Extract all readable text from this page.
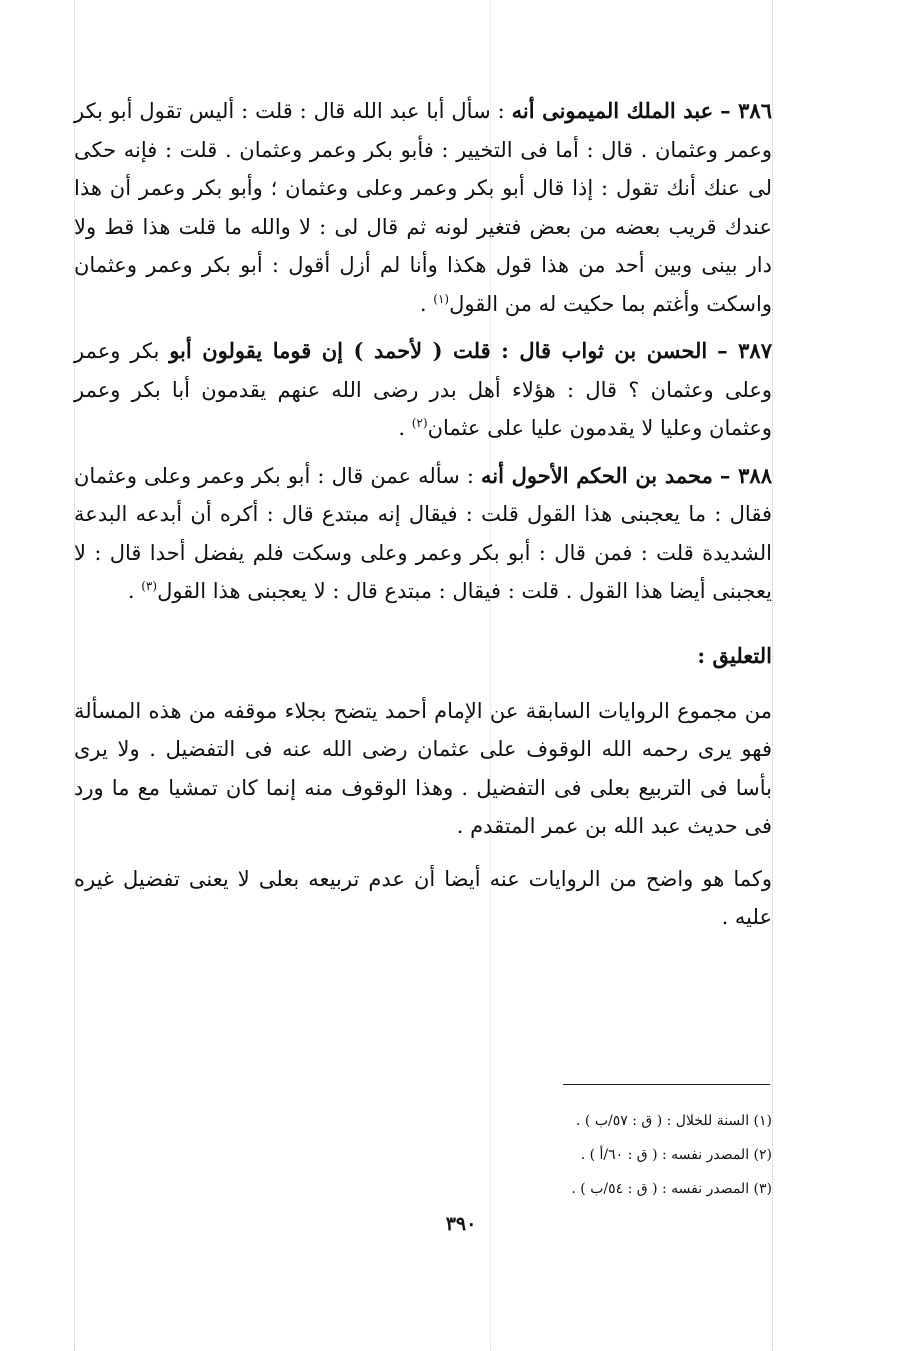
٣٨٦ – عبد الملك الميمونى أنه : سأل أبا عبد الله قال : قلت : أليس تقول أبو بكر وعمر وعثمان . قال : أما فى التخيير : فأبو بكر وعمر وعثمان . قلت : فإنه حكى لى عنك أنك تقول : إذا قال أبو بكر وعمر وعلى وعثمان ؛ وأبو بكر وعمر أن هذا عندك قريب بعضه من بعض فتغير لونه ثم قال لى : لا والله ما قلت هذا قط ولا دار بينى وبين أحد من هذا قول هكذا وأنا لم أزل أقول : أبو بكر وعمر وعثمان واسكت وأغتم بما حكيت له من القول$^{(١)}$ .

٣٨٧ – الحسن بن ثواب قال : قلت ( لأحمد ) إن قوما يقولون أبو بكر وعمر وعلى وعثمان ؟ قال : هؤلاء أهل بدر رضى الله عنهم يقدمون أبا بكر وعمر وعثمان وعليا لا يقدمون عليا على عثمان$^{(٢)}$ .

٣٨٨ – محمد بن الحكم الأحول أنه : سأله عمن قال : أبو بكر وعمر وعلى وعثمان فقال : ما يعجبنى هذا القول قلت : فيقال إنه مبتدع قال : أكره أن أبدعه البدعة الشديدة قلت : فمن قال : أبو بكر وعمر وعلى وسكت فلم يفضل أحدا قال : لا يعجبنى أيضا هذا القول . قلت : فيقال : مبتدع قال : لا يعجبنى هذا القول$^{(٣)}$ .

التعليق :

من مجموع الروايات السابقة عن الإمام أحمد يتضح بجلاء موقفه من هذه المسألة فهو يرى رحمه الله الوقوف على عثمان رضى الله عنه فى التفضيل . ولا يرى بأسا فى التربيع بعلى فى التفضيل . وهذا الوقوف منه إنما كان تمشيا مع ما ورد فى حديث عبد الله بن عمر المتقدم .

وكما هو واضح من الروايات عنه أيضا أن عدم تربيعه بعلى لا يعنى تفضيل غيره عليه .

(١) السنة للخلال : ( ق : ٥٧/ب ) .
(٢) المصدر نفسه : ( ق : ٦٠/أ ) .
(٣) المصدر نفسه : ( ق : ٥٤/ب ) .
٣٩٠
